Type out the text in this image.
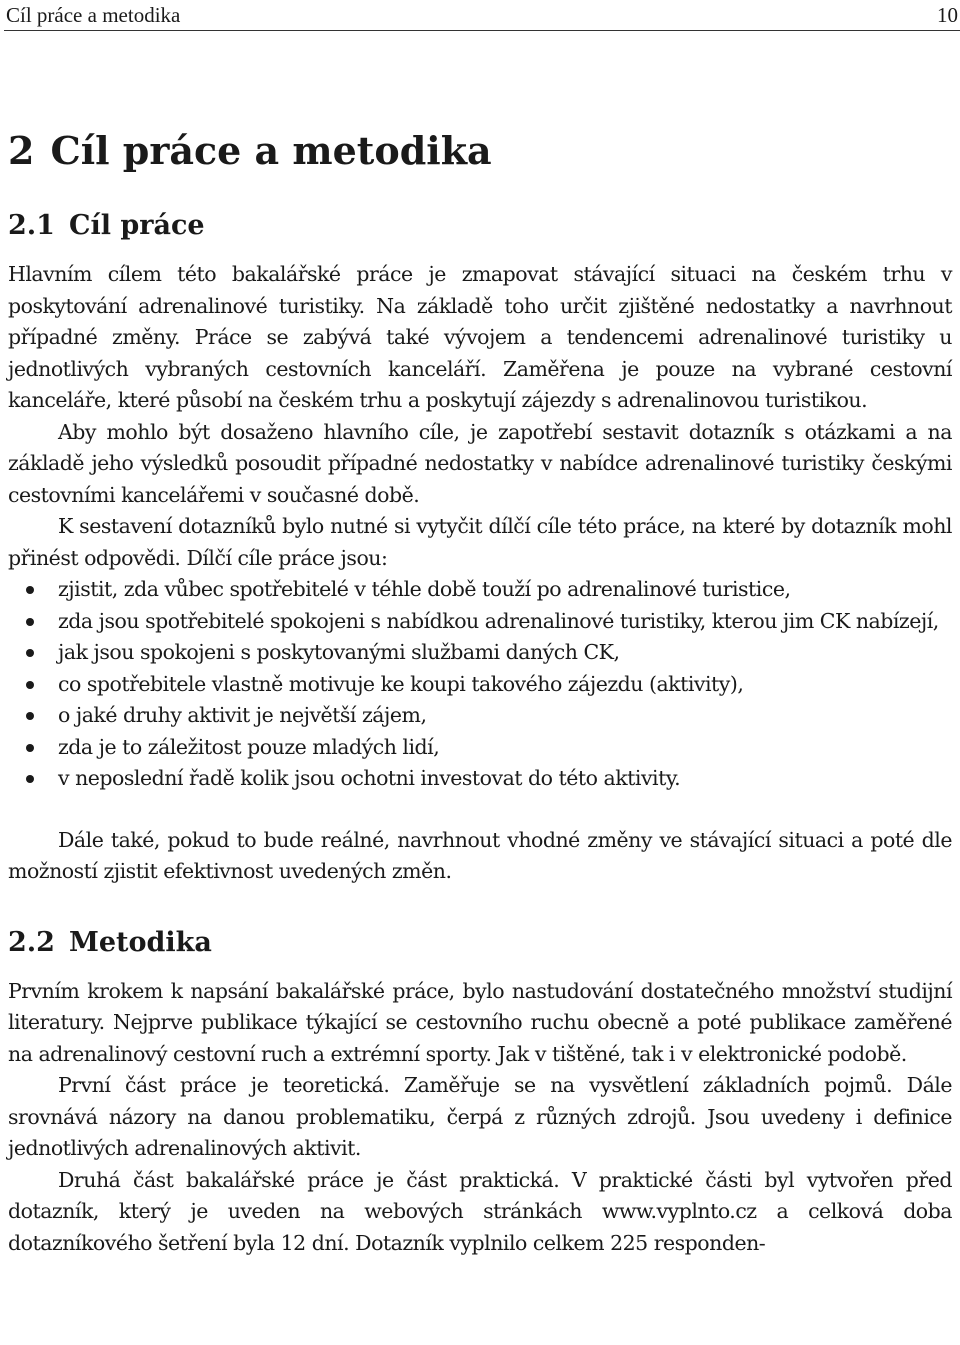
Cíl práce a metodika	10
2 Cíl práce a metodika
2.1 Cíl práce

Hlavním cílem této bakalářské práce je zmapovat stávající situaci na českém trhu v poskytování adrenalinové turistiky. Na základě toho určit zjištěné nedostatky a navrhnout případné změny. Práce se zabývá také vývojem a tendencemi adrenalinové turistiky u jednotlivých vybraných cestovních kanceláří. Zaměřena je pouze na vybrané cestovní kanceláře, které působí na českém trhu a poskytují zájezdy s adrenalinovou turistikou.

Aby mohlo být dosaženo hlavního cíle, je zapotřebí sestavit dotazník s otázkami a na základě jeho výsledků posoudit případné nedostatky v nabídce adrenalinové turistiky českými cestovními kancelářemi v současné době.

K sestavení dotazníků bylo nutné si vytyčit dílčí cíle této práce, na které by dotazník mohl přinést odpovědi. Dílčí cíle práce jsou:

zjistit, zda vůbec spotřebitelé v téhle době touží po adrenalinové turistice,
zda jsou spotřebitelé spokojeni s nabídkou adrenalinové turistiky, kterou jim CK nabízejí,
jak jsou spokojeni s poskytovanými službami daných CK,
co spotřebitele vlastně motivuje ke koupi takového zájezdu (aktivity),
o jaké druhy aktivit je největší zájem,
zda je to záležitost pouze mladých lidí,
v neposlední řadě kolik jsou ochotni investovat do této aktivity.

Dále také, pokud to bude reálné, navrhnout vhodné změny ve stávající situaci a poté dle možností zjistit efektivnost uvedených změn.

2.2 Metodika

Prvním krokem k napsání bakalářské práce, bylo nastudování dostatečného množství studijní literatury. Nejprve publikace týkající se cestovního ruchu obecně a poté publikace zaměřené na adrenalinový cestovní ruch a extrémní sporty. Jak v tištěné, tak i v elektronické podobě.

První část práce je teoretická. Zaměřuje se na vysvětlení základních pojmů. Dále srovnává názory na danou problematiku, čerpá z různých zdrojů. Jsou uvedeny i definice jednotlivých adrenalinových aktivit.

Druhá část bakalářské práce je část praktická. V praktické části byl vytvořen před dotazník, který je uveden na webových stránkách www.vyplnto.cz a celková doba dotazníkového šetření byla 12 dní. Dotazník vyplnilo celkem 225 responden-
